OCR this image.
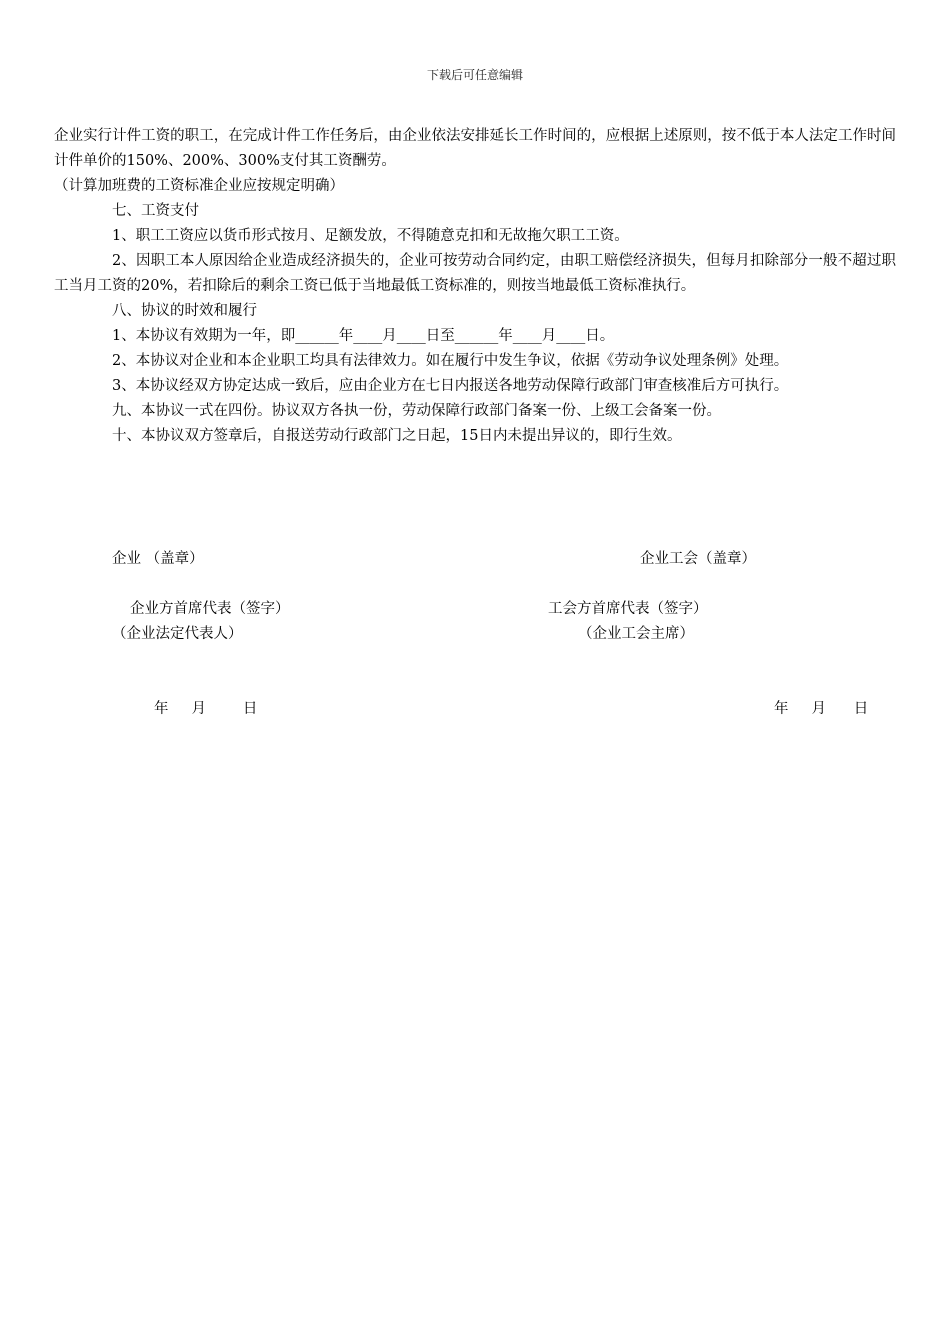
下载后可任意编辑

企业实行计件工资的职工，在完成计件工作任务后，由企业依法安排延长工作时间的，应根据上述原则，按不低于本人法定工作时间计件单价的150%、200%、300%支付其工资酬劳。

（计算加班费的工资标准企业应按规定明确）

七、工资支付

1、职工工资应以货币形式按月、足额发放，不得随意克扣和无故拖欠职工工资。

2、因职工本人原因给企业造成经济损失的，企业可按劳动合同约定，由职工赔偿经济损失，但每月扣除部分一般不超过职工当月工资的20%，若扣除后的剩余工资已低于当地最低工资标准的，则按当地最低工资标准执行。

八、协议的时效和履行

1、本协议有效期为一年，即______年____月____日至______年____月____日。

2、本协议对企业和本企业职工均具有法律效力。如在履行中发生争议，依据《劳动争议处理条例》处理。

3、本协议经双方协定达成一致后，应由企业方在七日内报送各地劳动保障行政部门审查核准后方可执行。

九、本协议一式在四份。协议双方各执一份，劳动保障行政部门备案一份、上级工会备案一份。

十、本协议双方签章后，自报送劳动行政部门之日起，15日内未提出异议的，即行生效。

企业 （盖章）	企业工会（盖章）
企业方首席代表（签字）
（企业法定代表人）
工会方首席代表（签字）
（企业工会主席）
年     月        日	年     月      日
